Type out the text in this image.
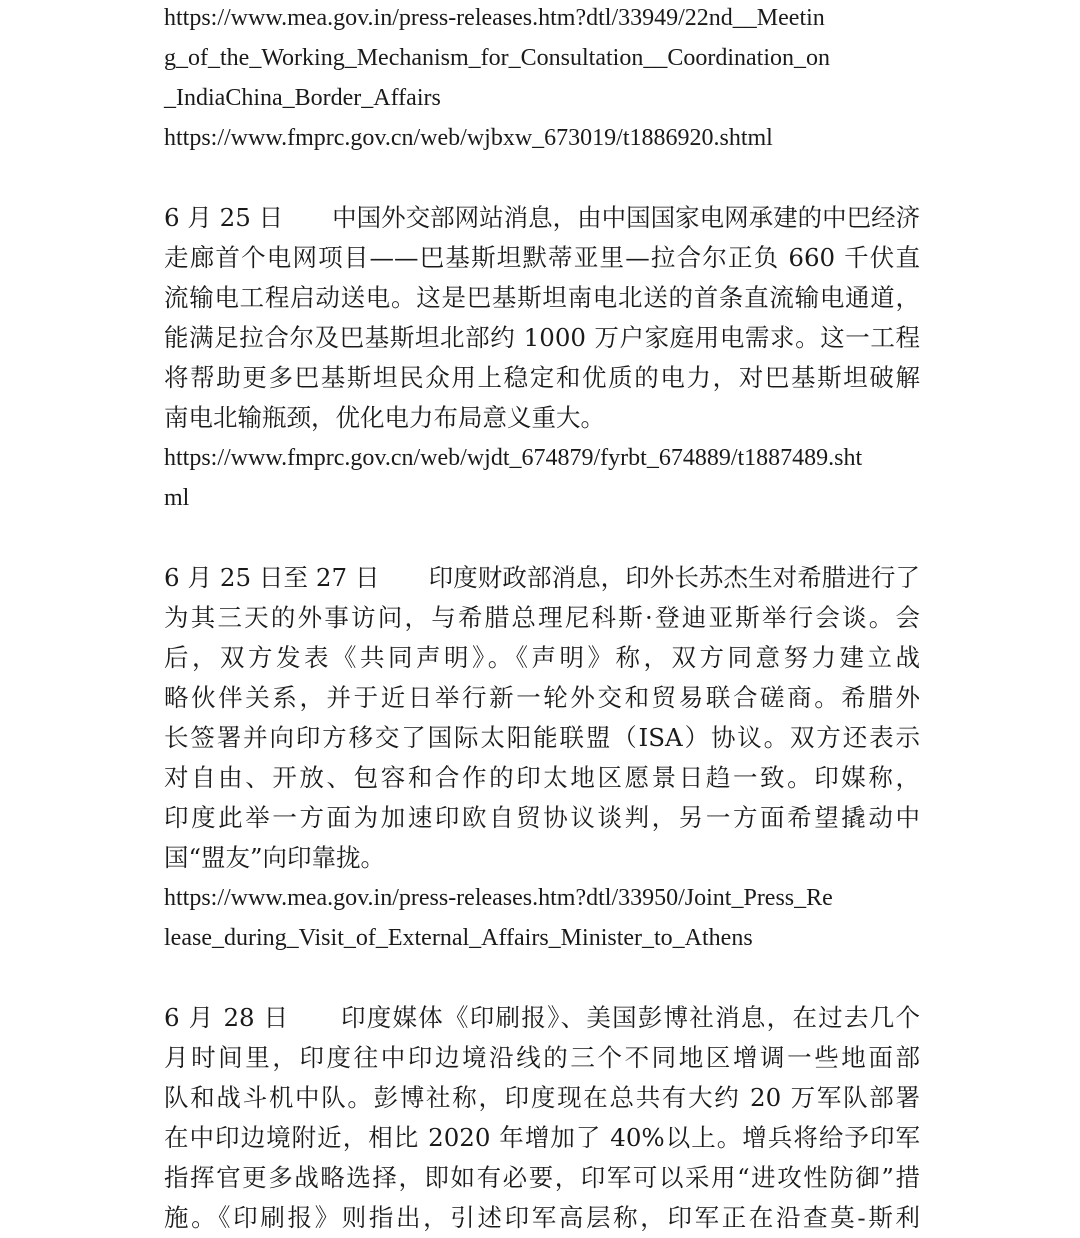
https://www.mea.gov.in/press-releases.htm?dtl/33949/22nd__Meetin
g_of_the_Working_Mechanism_for_Consultation__Coordination_on
_IndiaChina_Border_Affairs
https://www.fmprc.gov.cn/web/wjbxw_673019/t1886920.shtml
6 月 25 日　　中国外交部网站消息，由中国国家电网承建的中巴经济
走廊首个电网项目——巴基斯坦默蒂亚里—拉合尔正负 660 千伏直
流输电工程启动送电。这是巴基斯坦南电北送的首条直流输电通道，
能满足拉合尔及巴基斯坦北部约 1000 万户家庭用电需求。这一工程
将帮助更多巴基斯坦民众用上稳定和优质的电力，对巴基斯坦破解
南电北输瓶颈，优化电力布局意义重大。
https://www.fmprc.gov.cn/web/wjdt_674879/fyrbt_674889/t1887489.sht
ml
6 月 25 日至 27 日　　印度财政部消息，印外长苏杰生对希腊进行了
为其三天的外事访问，与希腊总理尼科斯·登迪亚斯举行会谈。会
后，双方发表《共同声明》。《声明》称，双方同意努力建立战
略伙伴关系，并于近日举行新一轮外交和贸易联合磋商。希腊外
长签署并向印方移交了国际太阳能联盟（ISA）协议。双方还表示
对自由、开放、包容和合作的印太地区愿景日趋一致。印媒称，
印度此举一方面为加速印欧自贸协议谈判，另一方面希望撬动中
国“盟友”向印靠拢。
https://www.mea.gov.in/press-releases.htm?dtl/33950/Joint_Press_Re
lease_during_Visit_of_External_Affairs_Minister_to_Athens
6 月 28 日　　印度媒体《印刷报》、美国彭博社消息，在过去几个
月时间里，印度往中印边境沿线的三个不同地区增调一些地面部
队和战斗机中队。彭博社称，印度现在总共有大约 20 万军队部署
在中印边境附近，相比 2020 年增加了 40%以上。增兵将给予印军
指挥官更多战略选择，即如有必要，印军可以采用“进攻性防御”措
施。《印刷报》则指出，引述印军高层称，印军正在沿查莫-斯利
